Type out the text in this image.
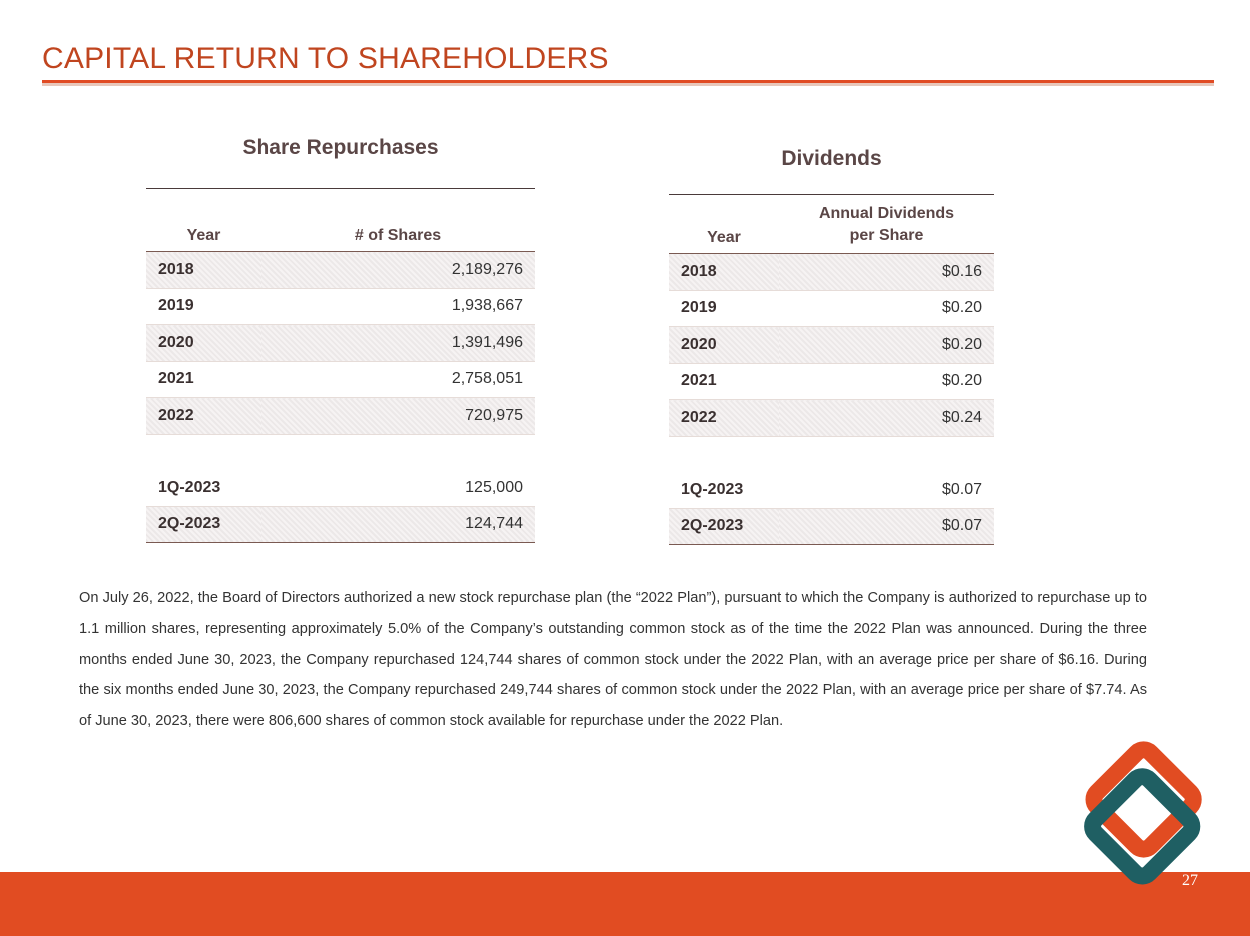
CAPITAL RETURN TO SHAREHOLDERS
Share Repurchases	
Year	# of Shares
2018	2,189,276
2019	1,938,667
2020	1,391,496
2021	2,758,051
2022	720,975

1Q-2023	125,000
2Q-2023	124,744
Dividends	
Year	Annual Dividends
per Share
2018	$0.16
2019	$0.20
2020	$0.20
2021	$0.20
2022	$0.24

1Q-2023	$0.07
2Q-2023	$0.07

On July 26, 2022, the Board of Directors authorized a new stock repurchase plan (the “2022 Plan”), pursuant to which the Company is authorized to repurchase up to 1.1 million shares, representing approximately 5.0% of the Company’s outstanding common stock as of the time the 2022 Plan was announced. During the three months ended June 30, 2023, the Company repurchased 124,744 shares of common stock under the 2022 Plan, with an average price per share of $6.16. During the six months ended June 30, 2023, the Company repurchased 249,744 shares of common stock under the 2022 Plan, with an average price per share of $7.74. As of June 30, 2023, there were 806,600 shares of common stock available for repurchase under the 2022 Plan.

27
